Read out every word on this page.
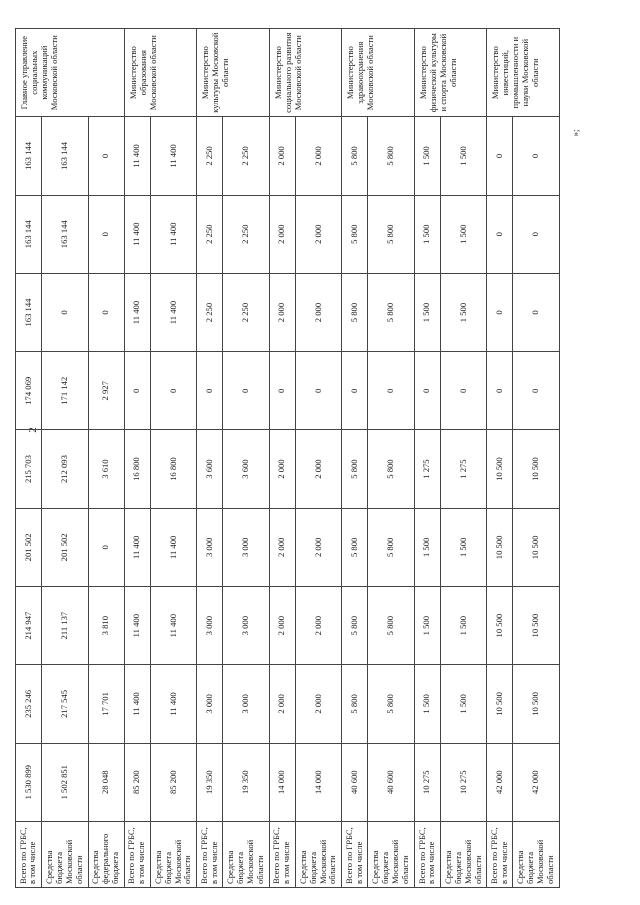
2
Всего по ГРБС, в том числе	1 530 899	235 246	214 947	201 502	215 703	174 069	163 144	163 144	163 144	Главное управление социальных коммуникаций Московской области
Средства бюджета Московской области	1 502 851	217 545	211 137	201 502	212 093	171 142	0	163 144	163 144	
Средства федерального бюджета	28 048	17 701	3 810	0	3 610	2 927	0	0	0	
Всего по ГРБС, в том числе	85 200	11 400	11 400	11 400	16 800	0	11 400	11 400	11 400	Министерство образования Московской области
Средства бюджета Московской области	85 200	11 400	11 400	11 400	16 800	0	11 400	11 400	11 400	
Всего по ГРБС, в том числе	19 350	3 000	3 000	3 000	3 600	0	2 250	2 250	2 250	Министерство культуры Московской области
Средства бюджета Московской области	19 350	3 000	3 000	3 000	3 600	0	2 250	2 250	2 250	
Всего по ГРБС, в том числе	14 000	2 000	2 000	2 000	2 000	0	2 000	2 000	2 000	Министерство социального развития Московской области
Средства бюджета Московской области	14 000	2 000	2 000	2 000	2 000	0	2 000	2 000	2 000	
Всего по ГРБС, в том числе	40 600	5 800	5 800	5 800	5 800	0	5 800	5 800	5 800	Министерство здравоохранения Московской области
Средства бюджета Московской области	40 600	5 800	5 800	5 800	5 800	0	5 800	5 800	5 800	
Всего по ГРБС, в том числе	10 275	1 500	1 500	1 500	1 275	0	1 500	1 500	1 500	Министерство физической культуры и спорта Московской области
Средства бюджета Московской области	10 275	1 500	1 500	1 500	1 275	0	1 500	1 500	1 500	
Всего по ГРБС, в том числе	42 000	10 500	10 500	10 500	10 500	0	0	0	0	Министерство инвестиций, промышленности и науки Московской области
Средства бюджета Московской области	42 000	10 500	10 500	10 500	10 500	0	0	0	0	
»;
